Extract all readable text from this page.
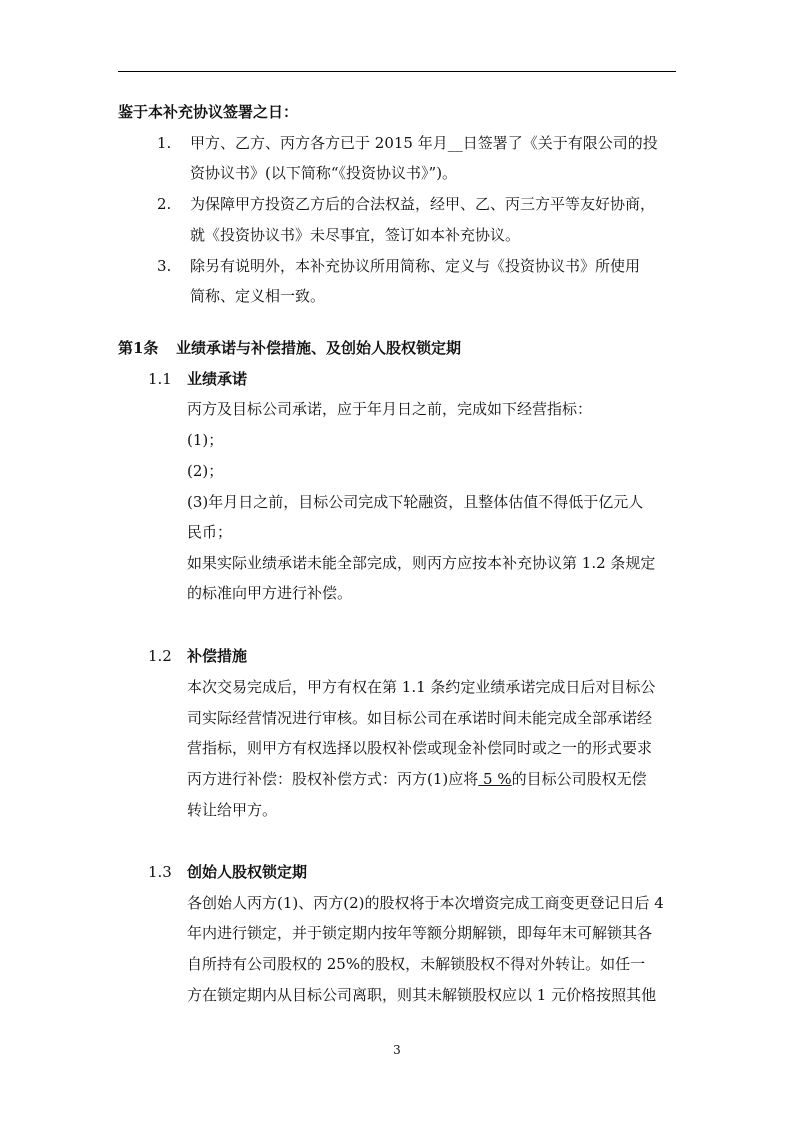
鉴于本补充协议签署之日：
1. 甲方、乙方、丙方各方已于 2015 年月__日签署了《关于有限公司的投
资协议书》(以下简称“《投资协议书》”)。
2. 为保障甲方投资乙方后的合法权益，经甲、乙、丙三方平等友好协商，
就《投资协议书》未尽事宜，签订如本补充协议。
3. 除另有说明外，本补充协议所用简称、定义与《投资协议书》所使用
简称、定义相一致。
第1条 业绩承诺与补偿措施、及创始人股权锁定期
1.1 业绩承诺
丙方及目标公司承诺，应于年月日之前，完成如下经营指标：
(1)；
(2)；
(3)年月日之前，目标公司完成下轮融资，且整体估值不得低于亿元人
民币；
如果实际业绩承诺未能全部完成，则丙方应按本补充协议第 1.2 条规定
的标准向甲方进行补偿。
1.2 补偿措施
本次交易完成后，甲方有权在第 1.1 条约定业绩承诺完成日后对目标公
司实际经营情况进行审核。如目标公司在承诺时间未能完成全部承诺经
营指标，则甲方有权选择以股权补偿或现金补偿同时或之一的形式要求
丙方进行补偿：股权补偿方式：丙方(1)应将 5 %的目标公司股权无偿
转让给甲方。
1.3 创始人股权锁定期
各创始人丙方(1)、丙方(2)的股权将于本次增资完成工商变更登记日后 4
年内进行锁定，并于锁定期内按年等额分期解锁，即每年末可解锁其各
自所持有公司股权的 25%的股权，未解锁股权不得对外转让。如任一
方在锁定期内从目标公司离职，则其未解锁股权应以 1 元价格按照其他
3
